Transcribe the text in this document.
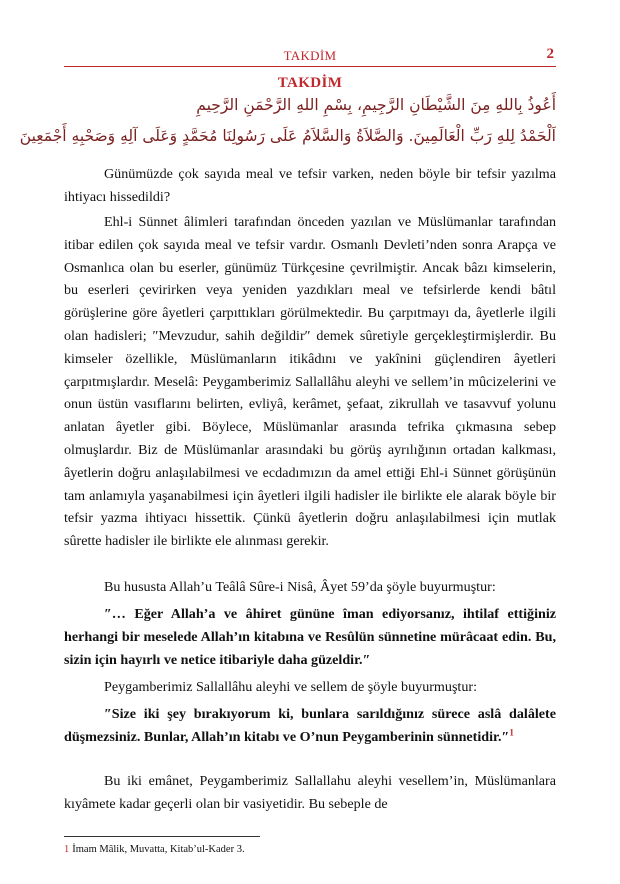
TAKDİM	2
TAKDİM
أَعُوذُ بِاللهِ مِنَ الشَّيْطَانِ الرَّجِيمِ، بِسْمِ اللهِ الرَّحْمَنِ الرَّحِيمِ
اَلْحَمْدُ لِلهِ رَبِّ الْعَالَمِينَ. وَالصَّلاَةُ وَالسَّلاَمُ عَلَى رَسُولِنَا مُحَمَّدٍ وَعَلَى آلِهِ وَصَحْبِهِ أَجْمَعِينَ
Günümüzde çok sayıda meal ve tefsir varken, neden böyle bir tefsir yazılma ihtiyacı hissedildi?
Ehl-i Sünnet âlimleri tarafından önceden yazılan ve Müslümanlar tarafından itibar edilen çok sayıda meal ve tefsir vardır. Osmanlı Devleti’nden sonra Arapça ve Osmanlıca olan bu eserler, günümüz Türkçesine çevrilmiştir. Ancak bâzı kimselerin, bu eserleri çevirirken veya yeniden yazdıkları meal ve tefsirlerde kendi bâtıl görüşlerine göre âyetleri çarpıttıkları görülmektedir. Bu çarpıtmayı da, âyetlerle ilgili olan hadisleri; ″Mevzudur, sahih değildir″ demek sûretiyle gerçekleştirmişlerdir. Bu kimseler özellikle, Müslümanların itikâdını ve yakînini güçlendiren âyetleri çarpıtmışlardır. Meselâ: Peygamberimiz Sallallâhu aleyhi ve sellem’in mûcizelerini ve onun üstün vasıflarını belirten, evliyâ, kerâmet, şefaat, zikrullah ve tasavvuf yolunu anlatan âyetler gibi. Böylece, Müslümanlar arasında tefrika çıkmasına sebep olmuşlardır. Biz de Müslümanlar arasındaki bu görüş ayrılığının ortadan kalkması, âyetlerin doğru anlaşılabilmesi ve ecdadımızın da amel ettiği Ehl-i Sünnet görüşünün tam anlamıyla yaşanabilmesi için âyetleri ilgili hadisler ile birlikte ele alarak böyle bir tefsir yazma ihtiyacı hissettik. Çünkü âyetlerin doğru anlaşılabilmesi için mutlak sûrette hadisler ile birlikte ele alınması gerekir.
Bu hususta Allah’u Teâlâ Sûre-i Nisâ, Âyet 59’da şöyle buyurmuştur:
″… Eğer Allah’a ve âhiret gününe îman ediyorsanız, ihtilaf ettiğiniz herhangi bir meselede Allah’ın kitabına ve Resûlün sünnetine mürâcaat edin. Bu, sizin için hayırlı ve netice itibariyle daha güzeldir.″
Peygamberimiz Sallallâhu aleyhi ve sellem de şöyle buyurmuştur:
″Size iki şey bırakıyorum ki, bunlara sarıldığınız sürece aslâ dalâlete düşmezsiniz. Bunlar, Allah’ın kitabı ve O’nun Peygamberinin sünnetidir.″$^1$
Bu iki emânet, Peygamberimiz Sallallahu aleyhi vesellem’in, Müslümanlara kıyâmete kadar geçerli olan bir vasiyetidir. Bu sebeple de
1 İmam Mâlik, Muvatta, Kitab’ul-Kader 3.
